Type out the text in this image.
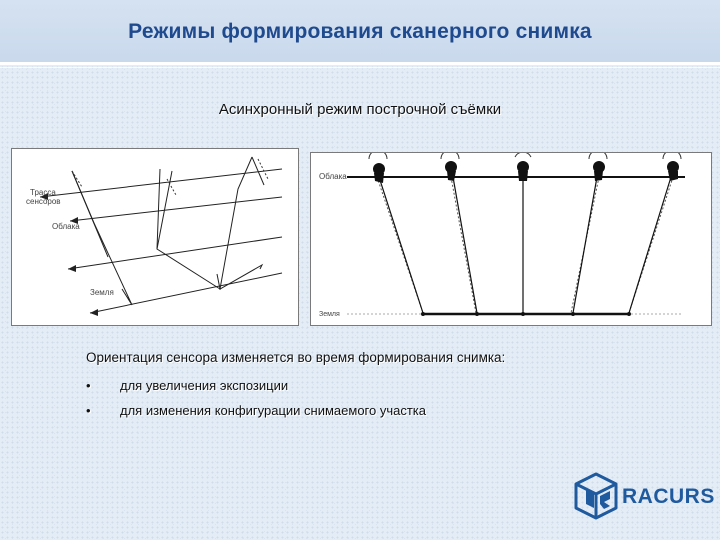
Режимы формирования сканерного снимка
Асинхронный режим построчной съёмки
Трасса
сенсоров
Облака
Земля
Облака
Земля
Ориентация сенсора изменяется во время формирования снимка:
• для увеличения экспозиции
• для изменения конфигурации снимаемого участка
RACURS
